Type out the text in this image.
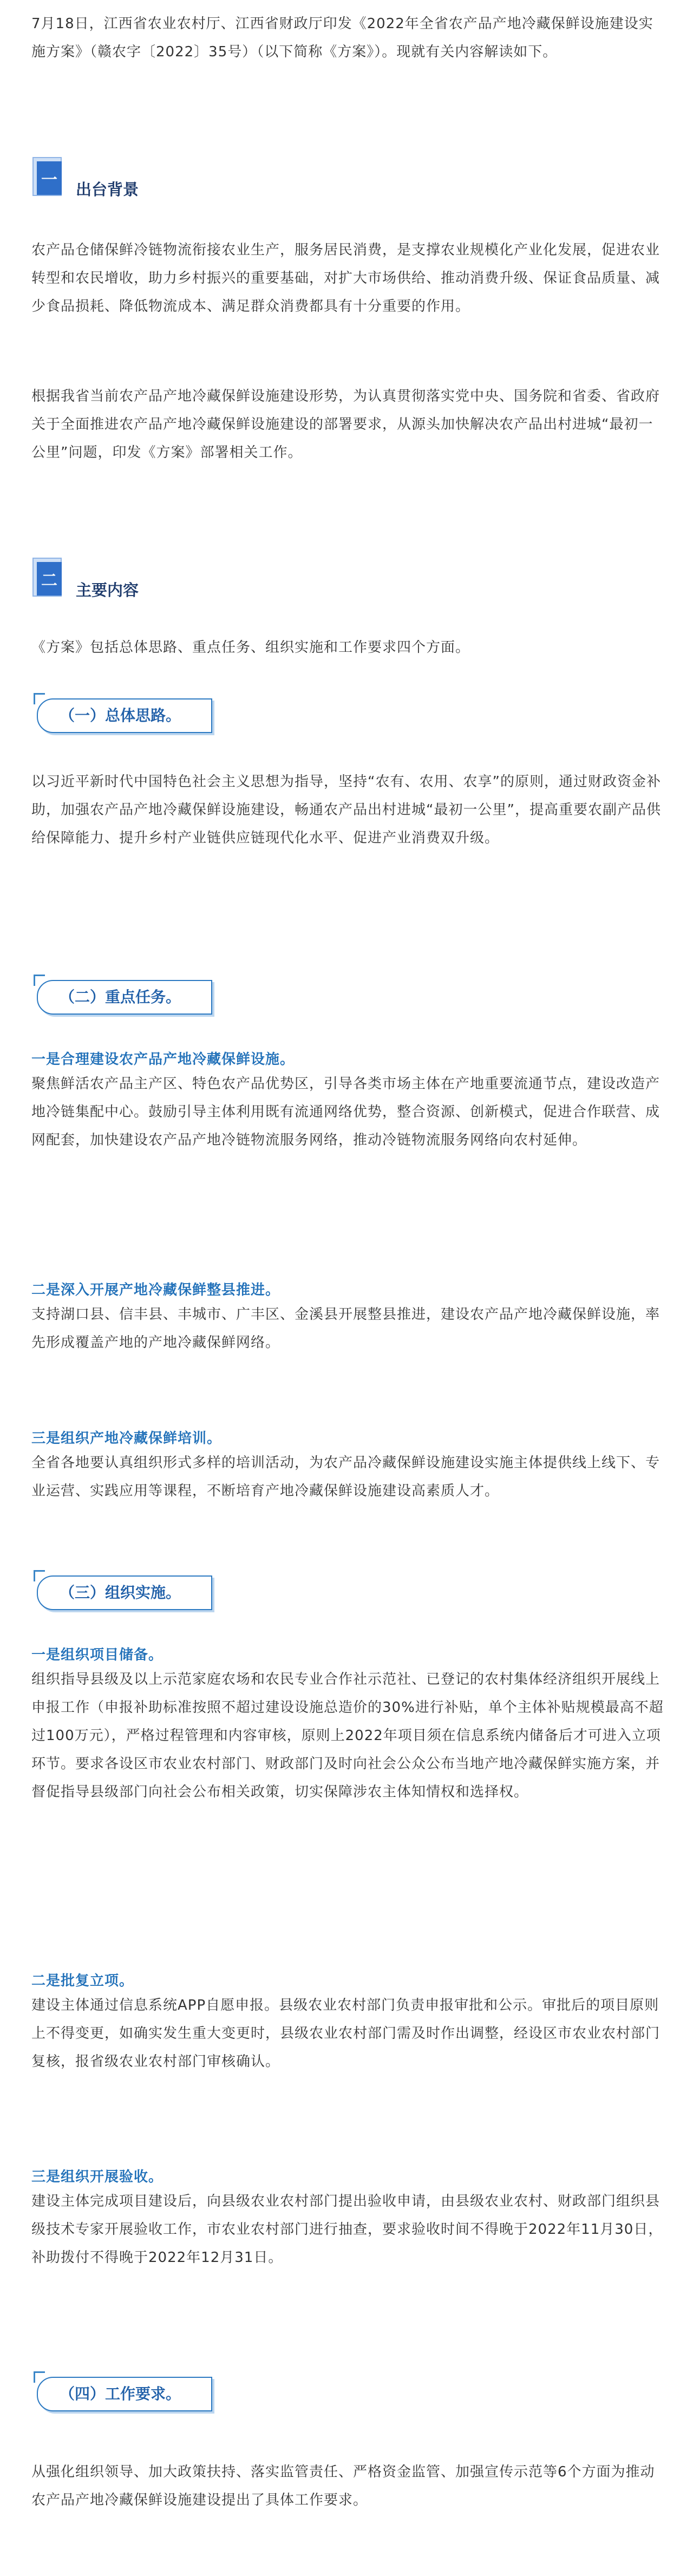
7月18日，江西省农业农村厅、江西省财政厅印发《2022年全省农产品产地冷藏保鲜设施建设实施方案》（赣农字〔2022〕35号）（以下简称《方案》）。现就有关内容解读如下。

一 出台背景

农产品仓储保鲜冷链物流衔接农业生产，服务居民消费，是支撑农业规模化产业化发展，促进农业转型和农民增收，助力乡村振兴的重要基础，对扩大市场供给、推动消费升级、保证食品质量、减少食品损耗、降低物流成本、满足群众消费都具有十分重要的作用。

根据我省当前农产品产地冷藏保鲜设施建设形势，为认真贯彻落实党中央、国务院和省委、省政府关于全面推进农产品产地冷藏保鲜设施建设的部署要求，从源头加快解决农产品出村进城“最初一公里”问题，印发《方案》部署相关工作。

二 主要内容

《方案》包括总体思路、重点任务、组织实施和工作要求四个方面。

（一）总体思路。

以习近平新时代中国特色社会主义思想为指导，坚持“农有、农用、农享”的原则，通过财政资金补助，加强农产品产地冷藏保鲜设施建设，畅通农产品出村进城“最初一公里”，提高重要农副产品供给保障能力、提升乡村产业链供应链现代化水平、促进产业消费双升级。

（二）重点任务。
一是合理建设农产品产地冷藏保鲜设施。

聚焦鲜活农产品主产区、特色农产品优势区，引导各类市场主体在产地重要流通节点，建设改造产地冷链集配中心。鼓励引导主体利用既有流通网络优势，整合资源、创新模式，促进合作联营、成网配套，加快建设农产品产地冷链物流服务网络，推动冷链物流服务网络向农村延伸。

二是深入开展产地冷藏保鲜整县推进。

支持湖口县、信丰县、丰城市、广丰区、金溪县开展整县推进，建设农产品产地冷藏保鲜设施，率先形成覆盖产地的产地冷藏保鲜网络。

三是组织产地冷藏保鲜培训。

全省各地要认真组织形式多样的培训活动，为农产品冷藏保鲜设施建设实施主体提供线上线下、专业运营、实践应用等课程，不断培育产地冷藏保鲜设施建设高素质人才。

（三）组织实施。
一是组织项目储备。

组织指导县级及以上示范家庭农场和农民专业合作社示范社、已登记的农村集体经济组织开展线上申报工作（申报补助标准按照不超过建设设施总造价的30%进行补贴，单个主体补贴规模最高不超过100万元），严格过程管理和内容审核，原则上2022年项目须在信息系统内储备后才可进入立项环节。要求各设区市农业农村部门、财政部门及时向社会公众公布当地产地冷藏保鲜实施方案，并督促指导县级部门向社会公布相关政策，切实保障涉农主体知情权和选择权。

二是批复立项。

建设主体通过信息系统APP自愿申报。县级农业农村部门负责申报审批和公示。审批后的项目原则上不得变更，如确实发生重大变更时，县级农业农村部门需及时作出调整，经设区市农业农村部门复核，报省级农业农村部门审核确认。

三是组织开展验收。

建设主体完成项目建设后，向县级农业农村部门提出验收申请，由县级农业农村、财政部门组织县级技术专家开展验收工作，市农业农村部门进行抽查，要求验收时间不得晚于2022年11月30日，补助拨付不得晚于2022年12月31日。

（四）工作要求。

从强化组织领导、加大政策扶持、落实监管责任、严格资金监管、加强宣传示范等6个方面为推动农产品产地冷藏保鲜设施建设提出了具体工作要求。
